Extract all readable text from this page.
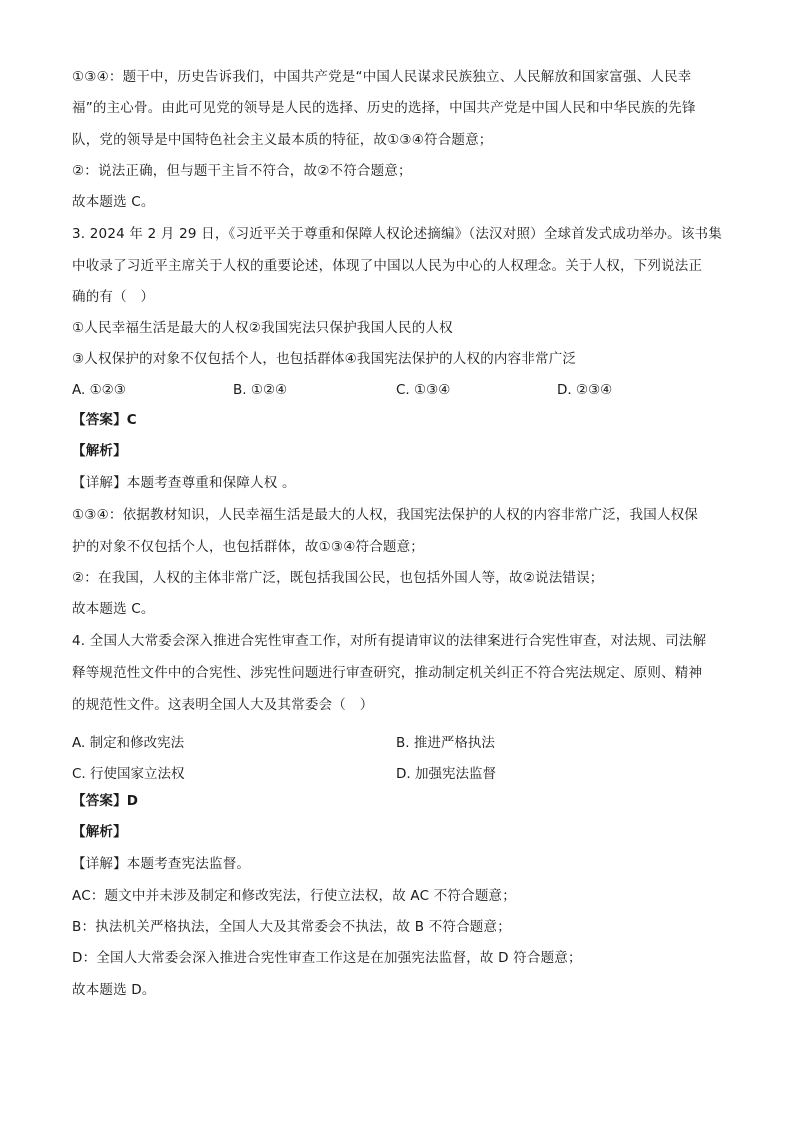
①③④：题干中，历史告诉我们，中国共产党是“中国人民谋求民族独立、人民解放和国家富强、人民幸
福”的主心骨。由此可见党的领导是人民的选择、历史的选择，中国共产党是中国人民和中华民族的先锋
队，党的领导是中国特色社会主义最本质的特征，故①③④符合题意；
②：说法正确，但与题干主旨不符合，故②不符合题意；
故本题选 C。
3. 2024 年 2 月 29 日，《习近平关于尊重和保障人权论述摘编》（法汉对照）全球首发式成功举办。该书集
中收录了习近平主席关于人权的重要论述，体现了中国以人民为中心的人权理念。关于人权，下列说法正
确的有（　）
①人民幸福生活是最大的人权②我国宪法只保护我国人民的人权
③人权保护的对象不仅包括个人，也包括群体④我国宪法保护的人权的内容非常广泛
【答案】C
【解析】
【详解】本题考查尊重和保障人权 。
①③④：依据教材知识，人民幸福生活是最大的人权，我国宪法保护的人权的内容非常广泛，我国人权保
护的对象不仅包括个人，也包括群体，故①③④符合题意；
②：在我国，人权的主体非常广泛，既包括我国公民，也包括外国人等，故②说法错误；
故本题选 C。
4. 全国人大常委会深入推进合宪性审查工作，对所有提请审议的法律案进行合宪性审查，对法规、司法解
释等规范性文件中的合宪性、涉宪性问题进行审查研究，推动制定机关纠正不符合宪法规定、原则、精神
的规范性文件。这表明全国人大及其常委会（　）
【答案】D
【解析】
【详解】本题考查宪法监督。
AC：题文中并未涉及制定和修改宪法，行使立法权，故 AC 不符合题意；
B：执法机关严格执法，全国人大及其常委会不执法，故 B 不符合题意；
D：全国人大常委会深入推进合宪性审查工作这是在加强宪法监督，故 D 符合题意；
故本题选 D。
A. ①②③	B. ①②④	C. ①③④	D. ②③④
A. 制定和修改宪法	B. 推进严格执法
C. 行使国家立法权	D. 加强宪法监督
